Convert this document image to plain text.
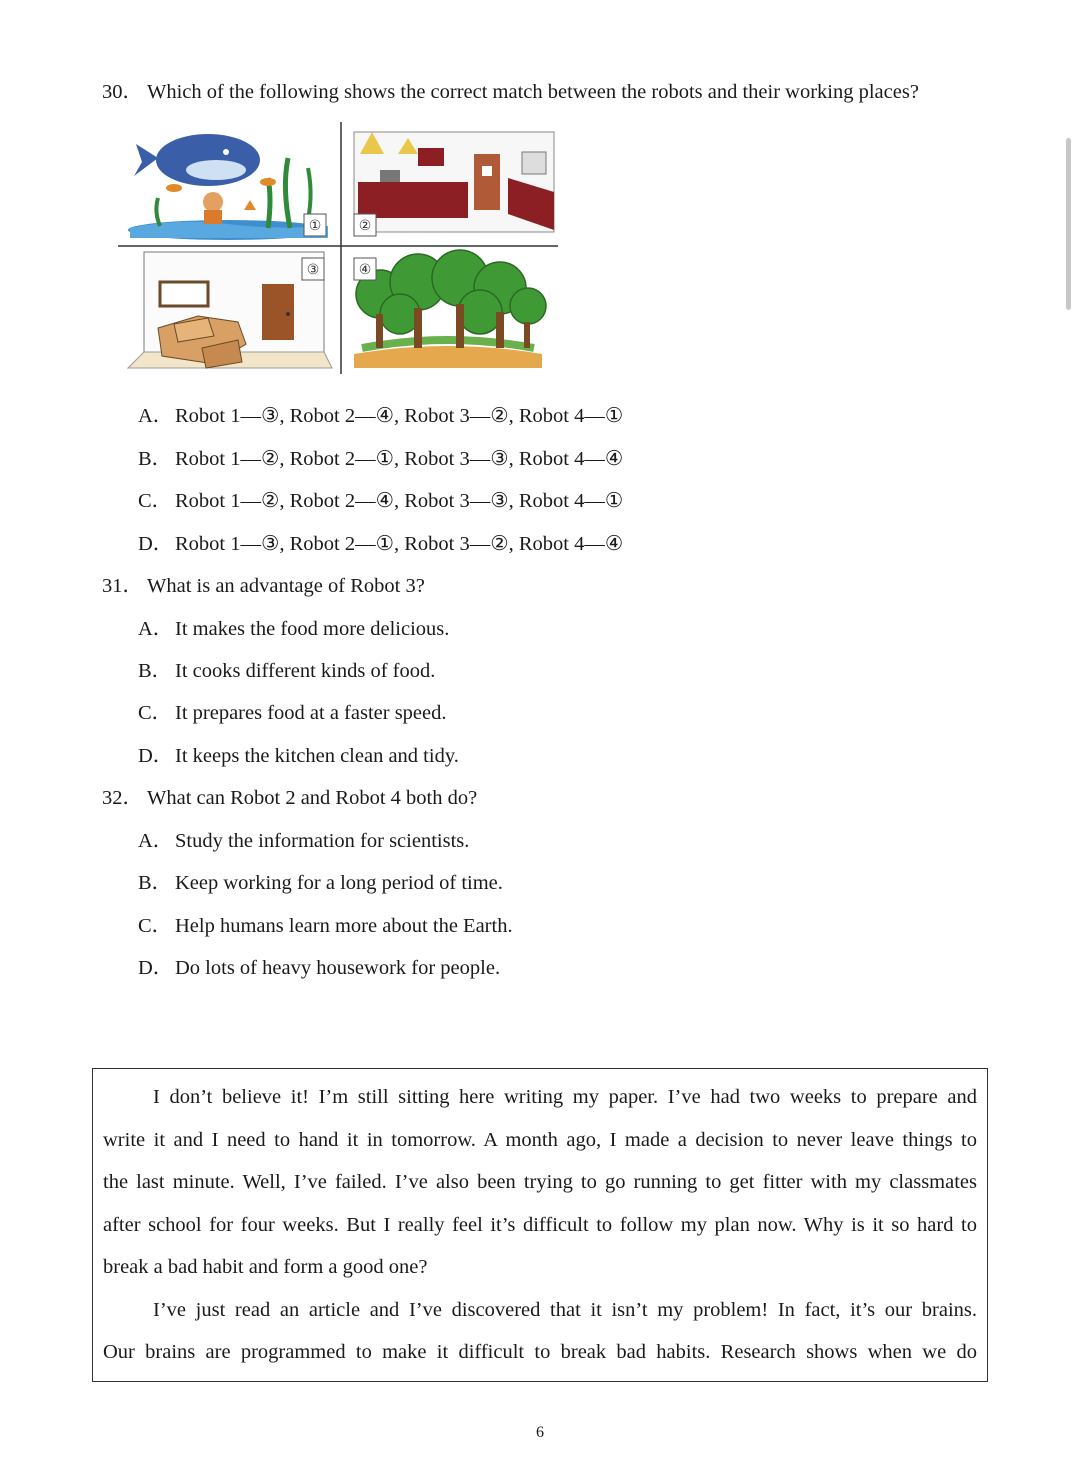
30． Which of the following shows the correct match between the robots and their working places?
①	②
③	④
A．Robot 1—③, Robot 2—④, Robot 3—②, Robot 4—①
B． Robot 1—②, Robot 2—①, Robot 3—③, Robot 4—④
C． Robot 1—②, Robot 2—④, Robot 3—③, Robot 4—①
D．Robot 1—③, Robot 2—①, Robot 3—②, Robot 4—④
31． What is an advantage of Robot 3?
A．It makes the food more delicious.
B． It cooks different kinds of food.
C． It prepares food at a faster speed.
D．It keeps the kitchen clean and tidy.
32． What can Robot 2 and Robot 4 both do?
A．Study the information for scientists.
B． Keep working for a long period of time.
C． Help humans learn more about the Earth.
D．Do lots of heavy housework for people.
I don’t believe it! I’m still sitting here writing my paper. I’ve had two weeks to prepare and
write it and I need to hand it in tomorrow. A month ago, I made a decision to never leave things to
the last minute. Well, I’ve failed. I’ve also been trying to go running to get fitter with my classmates
after school for four weeks. But I really feel it’s difficult to follow my plan now. Why is it so hard to
break a bad habit and form a good one?
I’ve just read an article and I’ve discovered that it isn’t my problem! In fact, it’s our brains.
Our brains are programmed to make it difficult to break bad habits. Research shows when we do
6
